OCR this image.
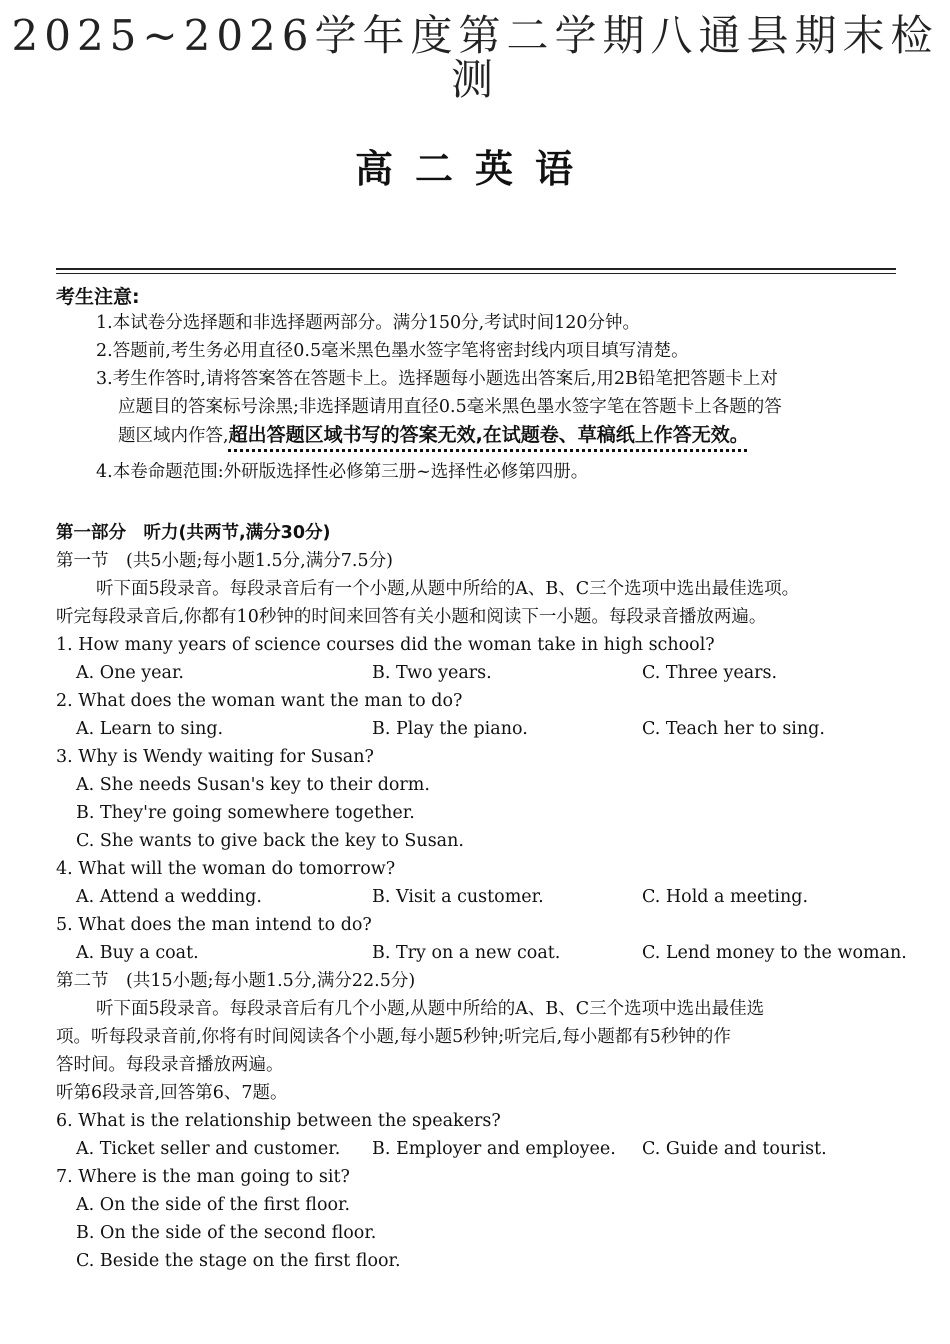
2025~2026学年度第二学期八通县期末检测
高二英语
考生注意:
1.本试卷分选择题和非选择题两部分。满分150分,考试时间120分钟。
2.答题前,考生务必用直径0.5毫米黑色墨水签字笔将密封线内项目填写清楚。
3.考生作答时,请将答案答在答题卡上。选择题每小题选出答案后,用2B铅笔把答题卡上对
应题目的答案标号涂黑;非选择题请用直径0.5毫米黑色墨水签字笔在答题卡上各题的答
题区域内作答,超出答题区域书写的答案无效,在试题卷、草稿纸上作答无效。
4.本卷命题范围:外研版选择性必修第三册~选择性必修第四册。
第一部分　听力(共两节,满分30分)
第一节　(共5小题;每小题1.5分,满分7.5分)
听下面5段录音。每段录音后有一个小题,从题中所给的A、B、C三个选项中选出最佳选项。
听完每段录音后,你都有10秒钟的时间来回答有关小题和阅读下一小题。每段录音播放两遍。
1. How many years of science courses did the woman take in high school?
A. One year.	B. Two years.	C. Three years.
2. What does the woman want the man to do?
A. Learn to sing.	B. Play the piano.	C. Teach her to sing.
3. Why is Wendy waiting for Susan?
A. She needs Susan's key to their dorm.
B. They're going somewhere together.
C. She wants to give back the key to Susan.
4. What will the woman do tomorrow?
A. Attend a wedding.	B. Visit a customer.	C. Hold a meeting.
5. What does the man intend to do?
A. Buy a coat.	B. Try on a new coat.	C. Lend money to the woman.
第二节　(共15小题;每小题1.5分,满分22.5分)
听下面5段录音。每段录音后有几个小题,从题中所给的A、B、C三个选项中选出最佳选
项。听每段录音前,你将有时间阅读各个小题,每小题5秒钟;听完后,每小题都有5秒钟的作
答时间。每段录音播放两遍。
听第6段录音,回答第6、7题。
6. What is the relationship between the speakers?
A. Ticket seller and customer. B. Employer and employee. C. Guide and tourist.
7. Where is the man going to sit?
A. On the side of the first floor.
B. On the side of the second floor.
C. Beside the stage on the first floor.
